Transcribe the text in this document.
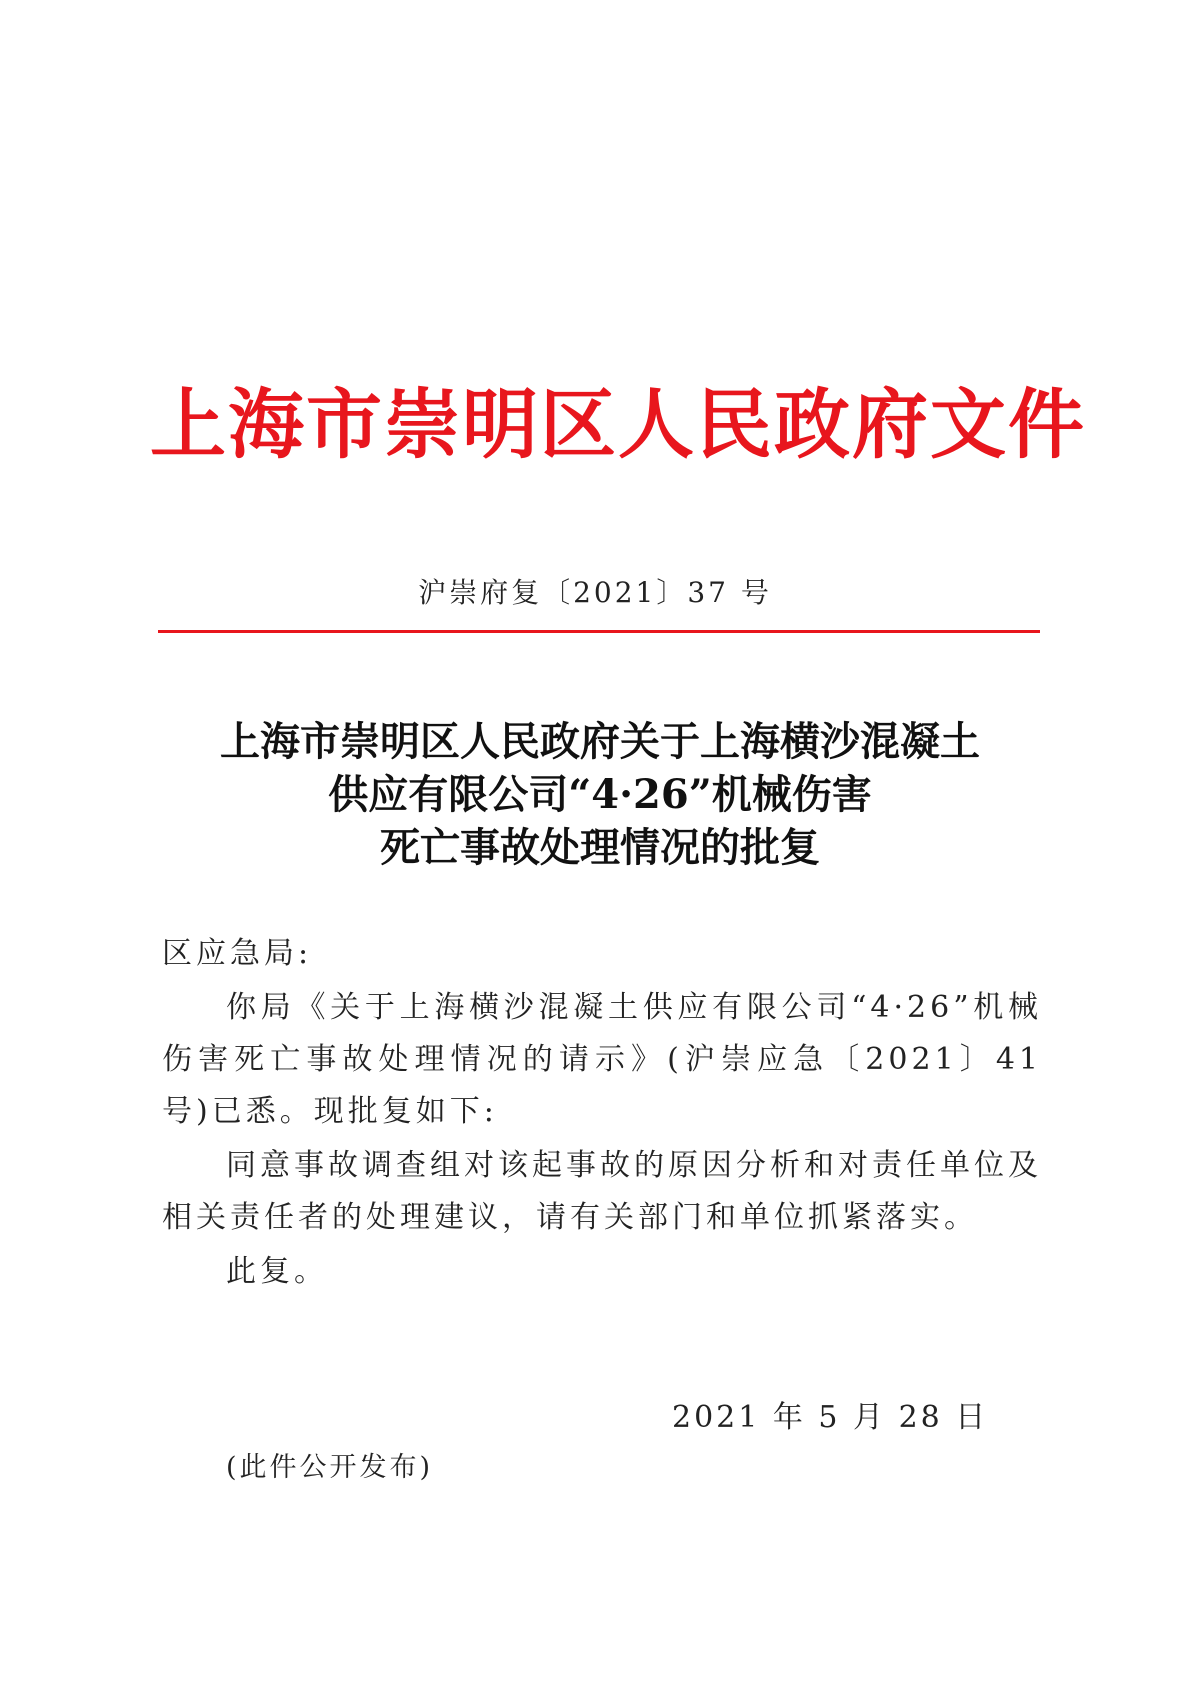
上海市崇明区人民政府文件
沪崇府复〔2021〕37 号
上海市崇明区人民政府关于上海横沙混凝土
供应有限公司“4·26”机械伤害
死亡事故处理情况的批复
区应急局:
你局《关于上海横沙混凝土供应有限公司“4·26”机械伤害死亡事故处理情况的请示》(沪崇应急〔2021〕41 号)已悉。现批复如下:
同意事故调查组对该起事故的原因分析和对责任单位及相关责任者的处理建议，请有关部门和单位抓紧落实。
此复。
2021 年 5 月 28 日
(此件公开发布)
